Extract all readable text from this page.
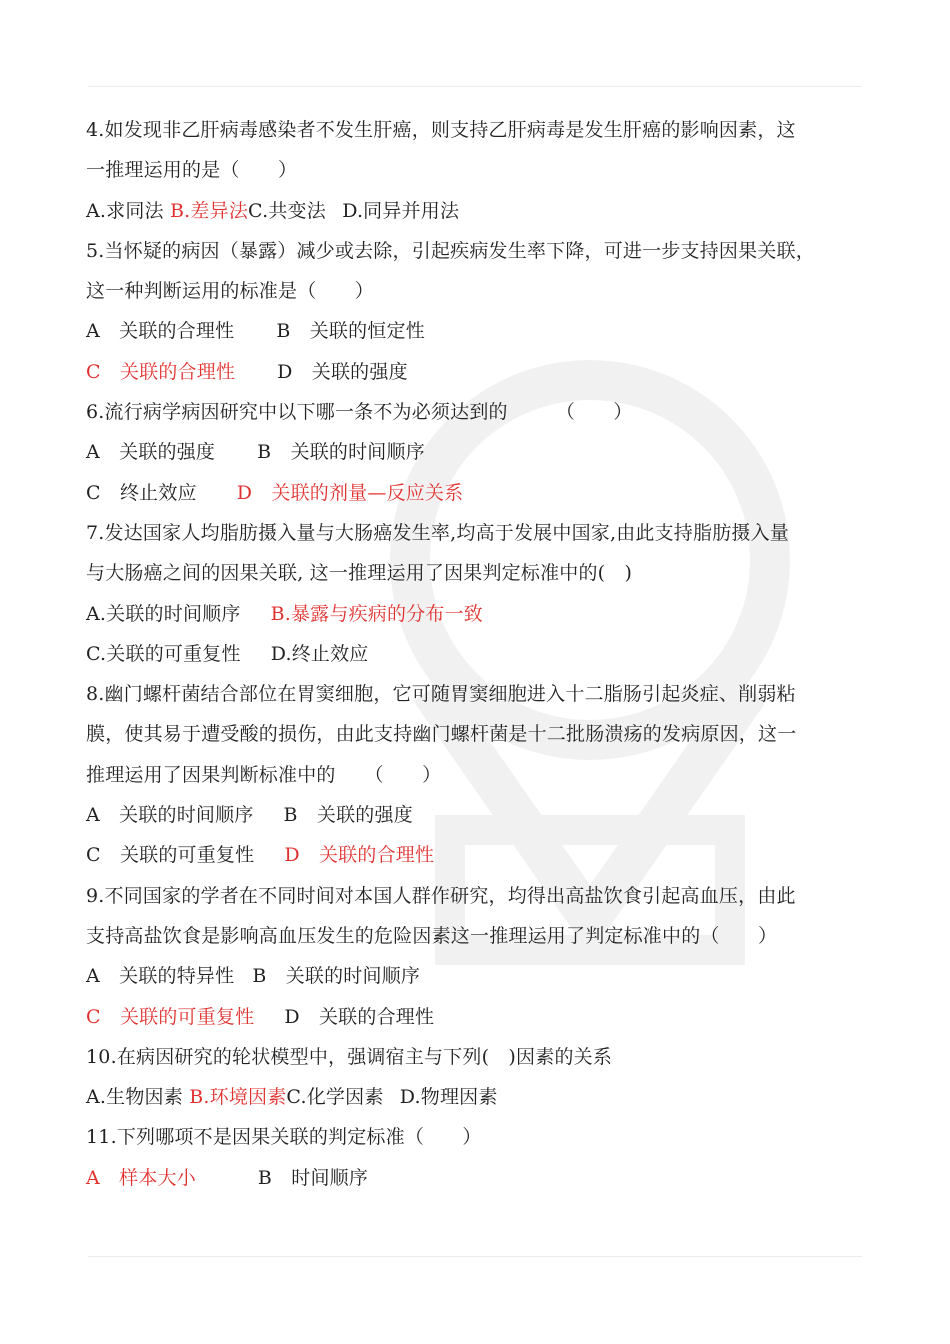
4.如发现非乙肝病毒感染者不发生肝癌，则支持乙肝病毒是发生肝癌的影响因素，这
一推理运用的是（　　）
A.求同法 B.差异法C.共变法 D.同异并用法
5.当怀疑的病因（暴露）减少或去除，引起疾病发生率下降，可进一步支持因果关联，
这一种判断运用的标准是（　　）
A　关联的合理性 B　关联的恒定性
C　关联的合理性 D　关联的强度
6.流行病学病因研究中以下哪一条不为必须达到的　　　（　　）
A　关联的强度 B　关联的时间顺序
C　终止效应 D　关联的剂量—反应关系
7.发达国家人均脂肪摄入量与大肠癌发生率,均高于发展中国家,由此支持脂肪摄入量
与大肠癌之间的因果关联, 这一推理运用了因果判定标准中的(　)
A.关联的时间顺序 B.暴露与疾病的分布一致
C.关联的可重复性 D.终止效应
8.幽门螺杆菌结合部位在胃窦细胞，它可随胃窦细胞进入十二脂肠引起炎症、削弱粘
膜，使其易于遭受酸的损伤，由此支持幽门螺杆菌是十二批肠溃疡的发病原因，这一
推理运用了因果判断标准中的　　（　　）
A　关联的时间顺序 B　关联的强度
C　关联的可重复性 D　关联的合理性
9.不同国家的学者在不同时间对本国人群作研究，均得出高盐饮食引起高血压，由此
支持高盐饮食是影响高血压发生的危险因素这一推理运用了判定标准中的（　　）
A　关联的特异性 B　关联的时间顺序
C　关联的可重复性 D　关联的合理性
10.在病因研究的轮状模型中，强调宿主与下列(　)因素的关系
A.生物因素 B.环境因素C.化学因素 D.物理因素
11.下列哪项不是因果关联的判定标准（　　）
A　样本大小	B　时间顺序
